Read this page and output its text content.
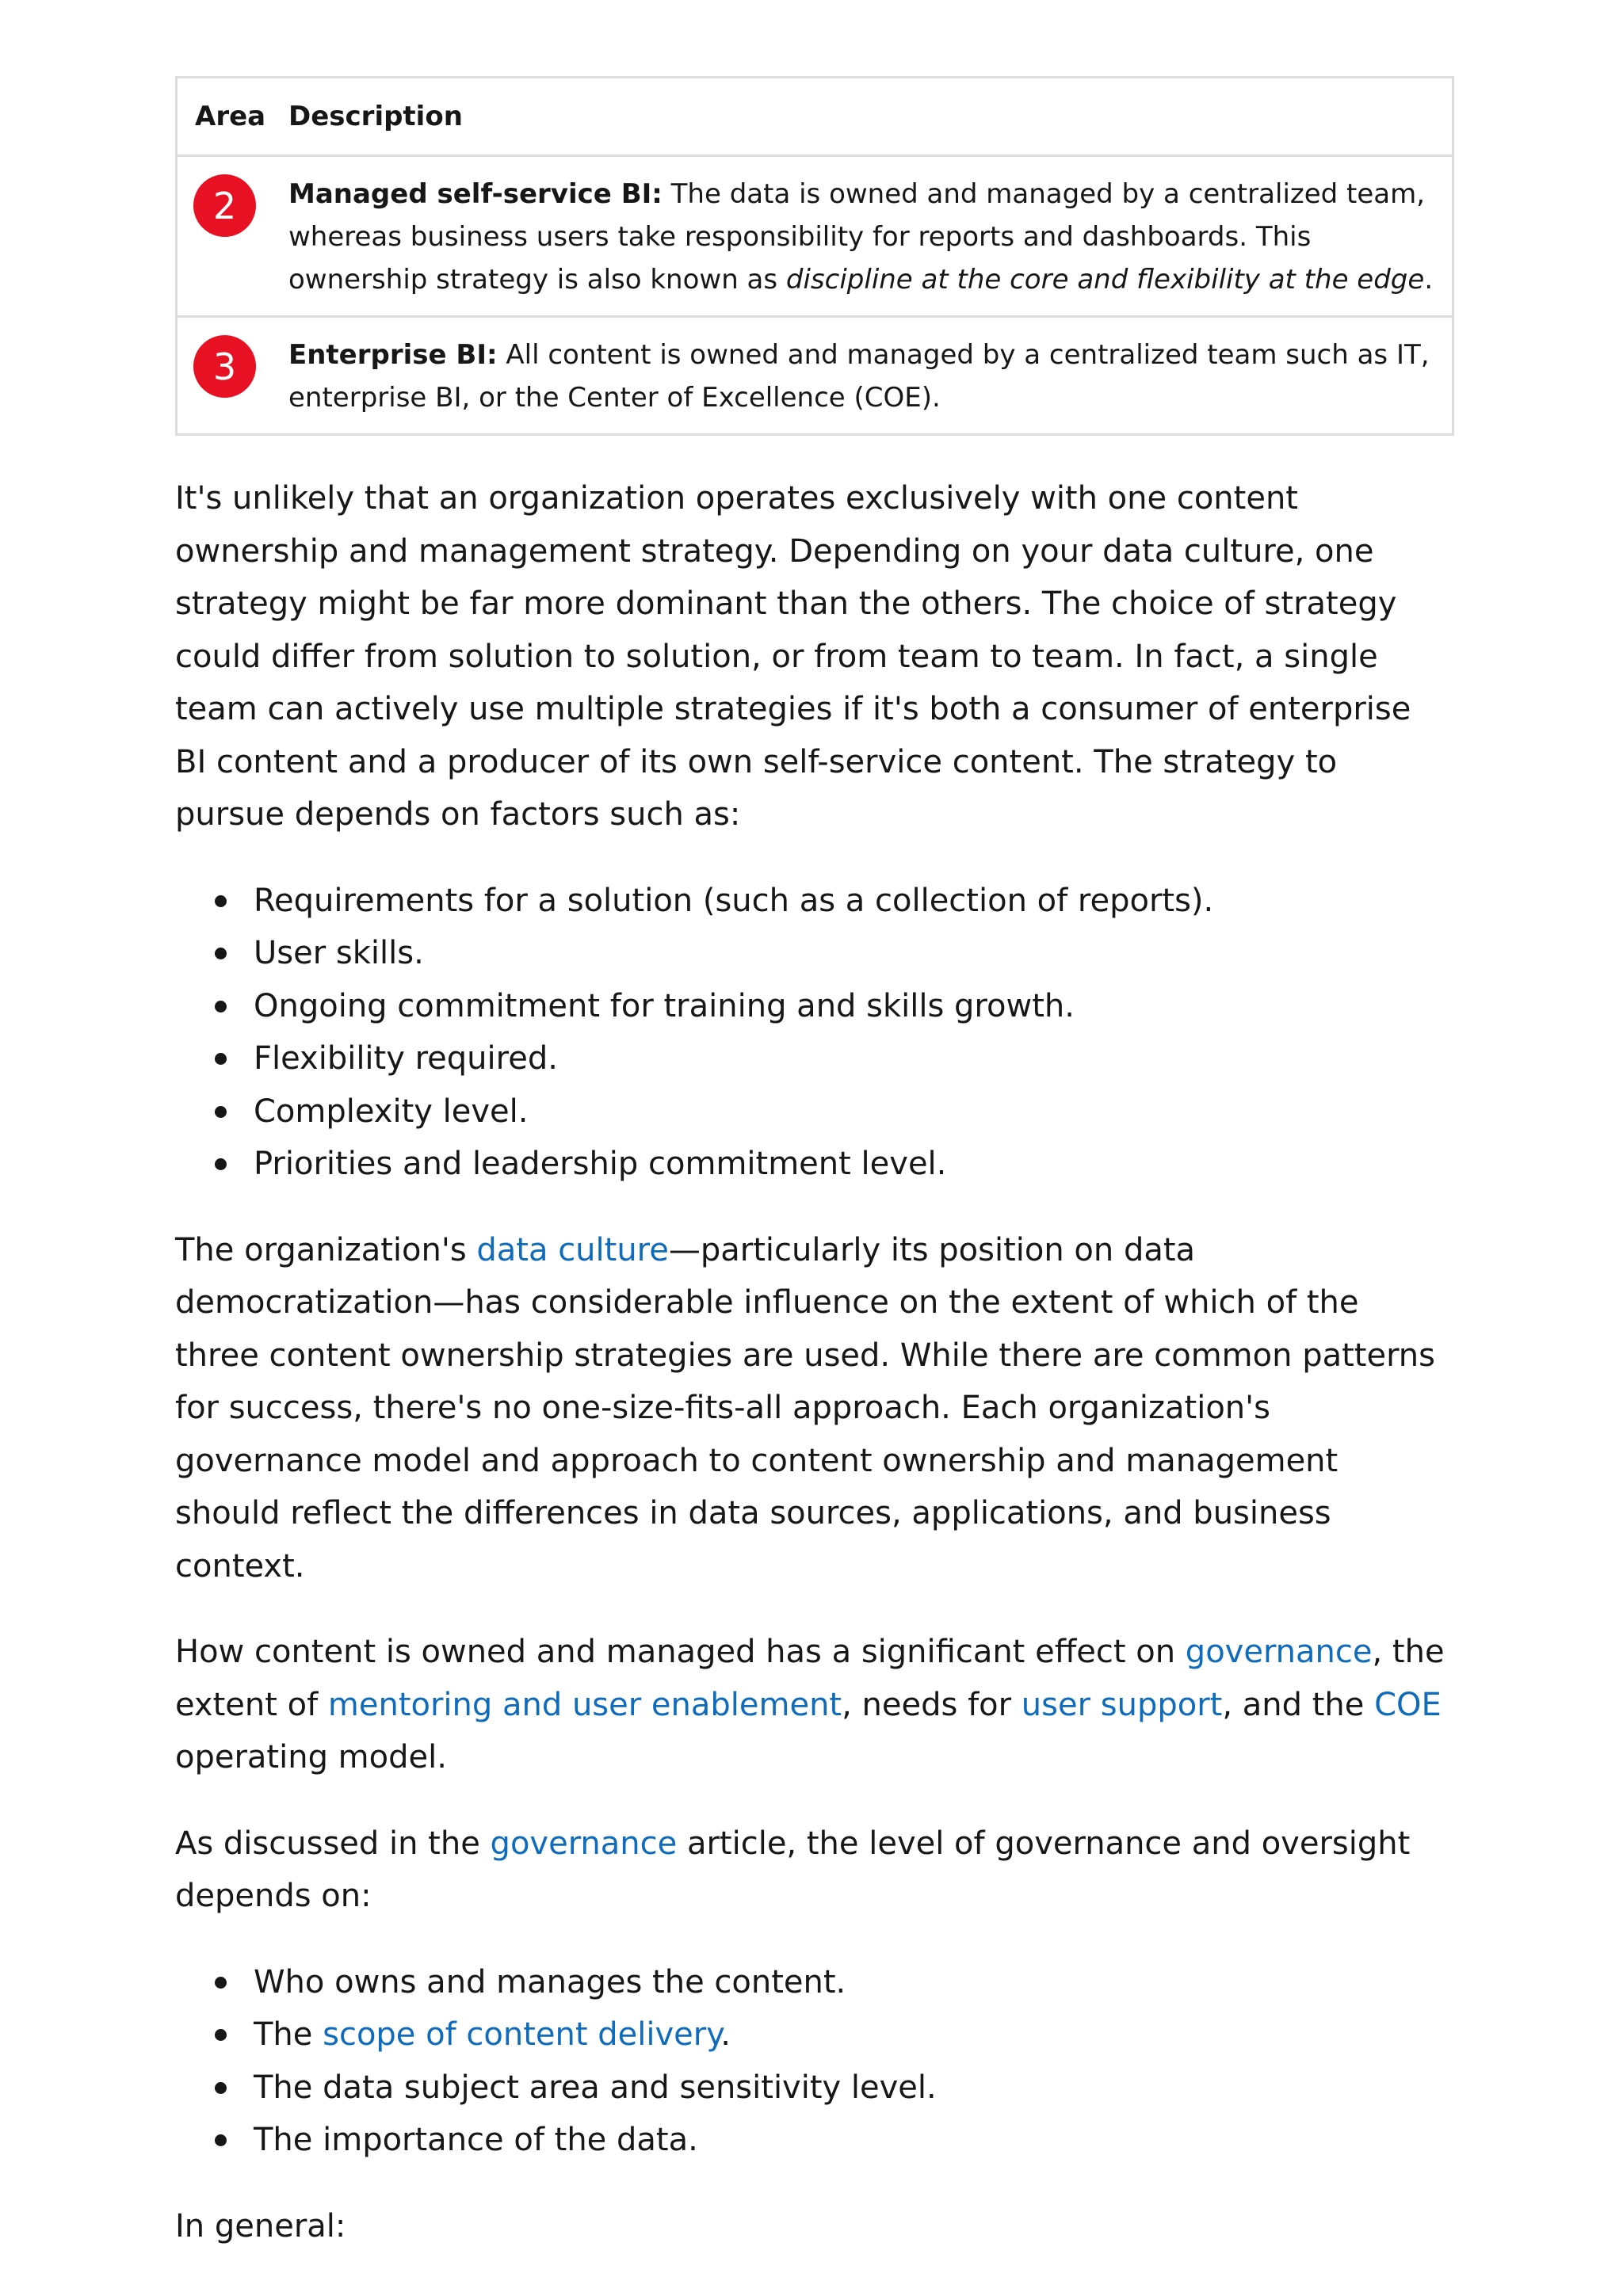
Area	Description

2	Managed self-service BI: The data is owned and managed by a centralized team, whereas business users take responsibility for reports and dashboards. This ownership strategy is also known as discipline at the core and flexibility at the edge.

3	Enterprise BI: All content is owned and managed by a centralized team such as IT, enterprise BI, or the Center of Excellence (COE).

It's unlikely that an organization operates exclusively with one content ownership and management strategy. Depending on your data culture, one strategy might be far more dominant than the others. The choice of strategy could differ from solution to solution, or from team to team. In fact, a single team can actively use multiple strategies if it's both a consumer of enterprise BI content and a producer of its own self-service content. The strategy to pursue depends on factors such as:

Requirements for a solution (such as a collection of reports).
User skills.
Ongoing commitment for training and skills growth.
Flexibility required.
Complexity level.
Priorities and leadership commitment level.

The organization's data culture—particularly its position on data democratization—has considerable influence on the extent of which of the three content ownership strategies are used. While there are common patterns for success, there's no one-size-fits-all approach. Each organization's governance model and approach to content ownership and management should reflect the differences in data sources, applications, and business context.

How content is owned and managed has a significant effect on governance, the extent of mentoring and user enablement, needs for user support, and the COE operating model.

As discussed in the governance article, the level of governance and oversight depends on:

Who owns and manages the content.
The scope of content delivery.
The data subject area and sensitivity level.
The importance of the data.

In general:
